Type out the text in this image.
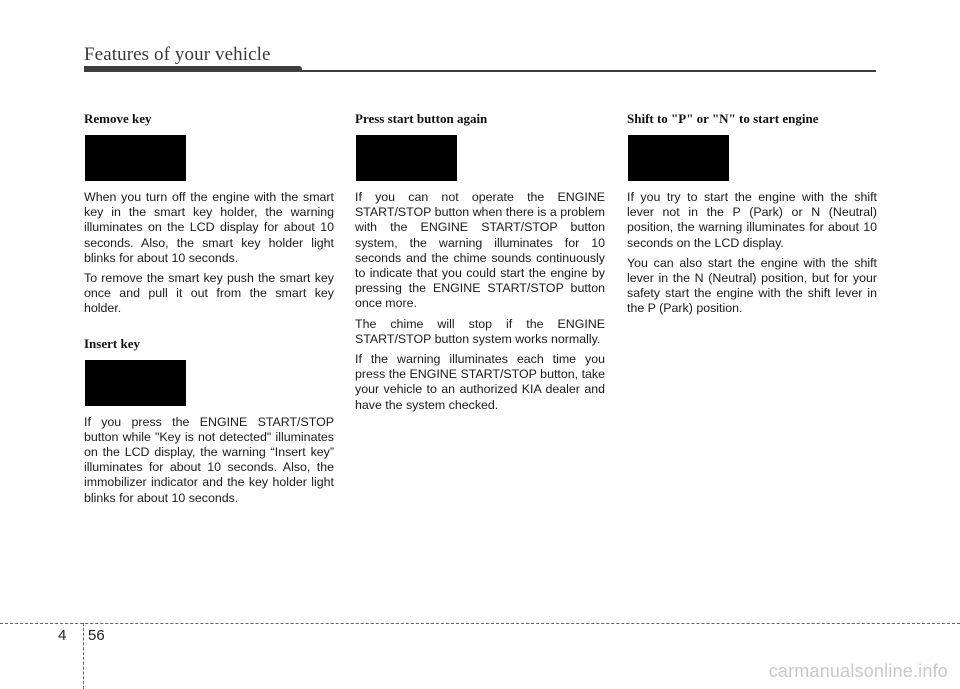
Features of your vehicle
Remove key

When you turn off the engine with the smart key in the smart key holder, the warning illuminates on the LCD display for about 10 seconds. Also, the smart key holder light blinks for about 10 seconds.

To remove the smart key push the smart key once and pull it out from the smart key holder.

Insert key

If you press the ENGINE START/STOP button while "Key is not detected" illuminates on the LCD display, the warning “Insert key” illuminates for about 10 seconds. Also, the immobilizer indicator and the key holder light blinks for about 10 seconds.

Press start button again

If you can not operate the ENGINE START/STOP button when there is a problem with the ENGINE START/STOP button system, the warning illuminates for 10 seconds and the chime sounds continuously to indicate that you could start the engine by pressing the ENGINE START/STOP button once more.

The chime will stop if the ENGINE START/STOP button system works normally.

If the warning illuminates each time you press the ENGINE START/STOP button, take your vehicle to an authorized KIA dealer and have the system checked.

Shift to "P" or "N" to start engine

If you try to start the engine with the shift lever not in the P (Park) or N (Neutral) position, the warning illuminates for about 10 seconds on the LCD display.

You can also start the engine with the shift lever in the N (Neutral) position, but for your safety start the engine with the shift lever in the P (Park) position.

4 56
carmanualsonline.info
